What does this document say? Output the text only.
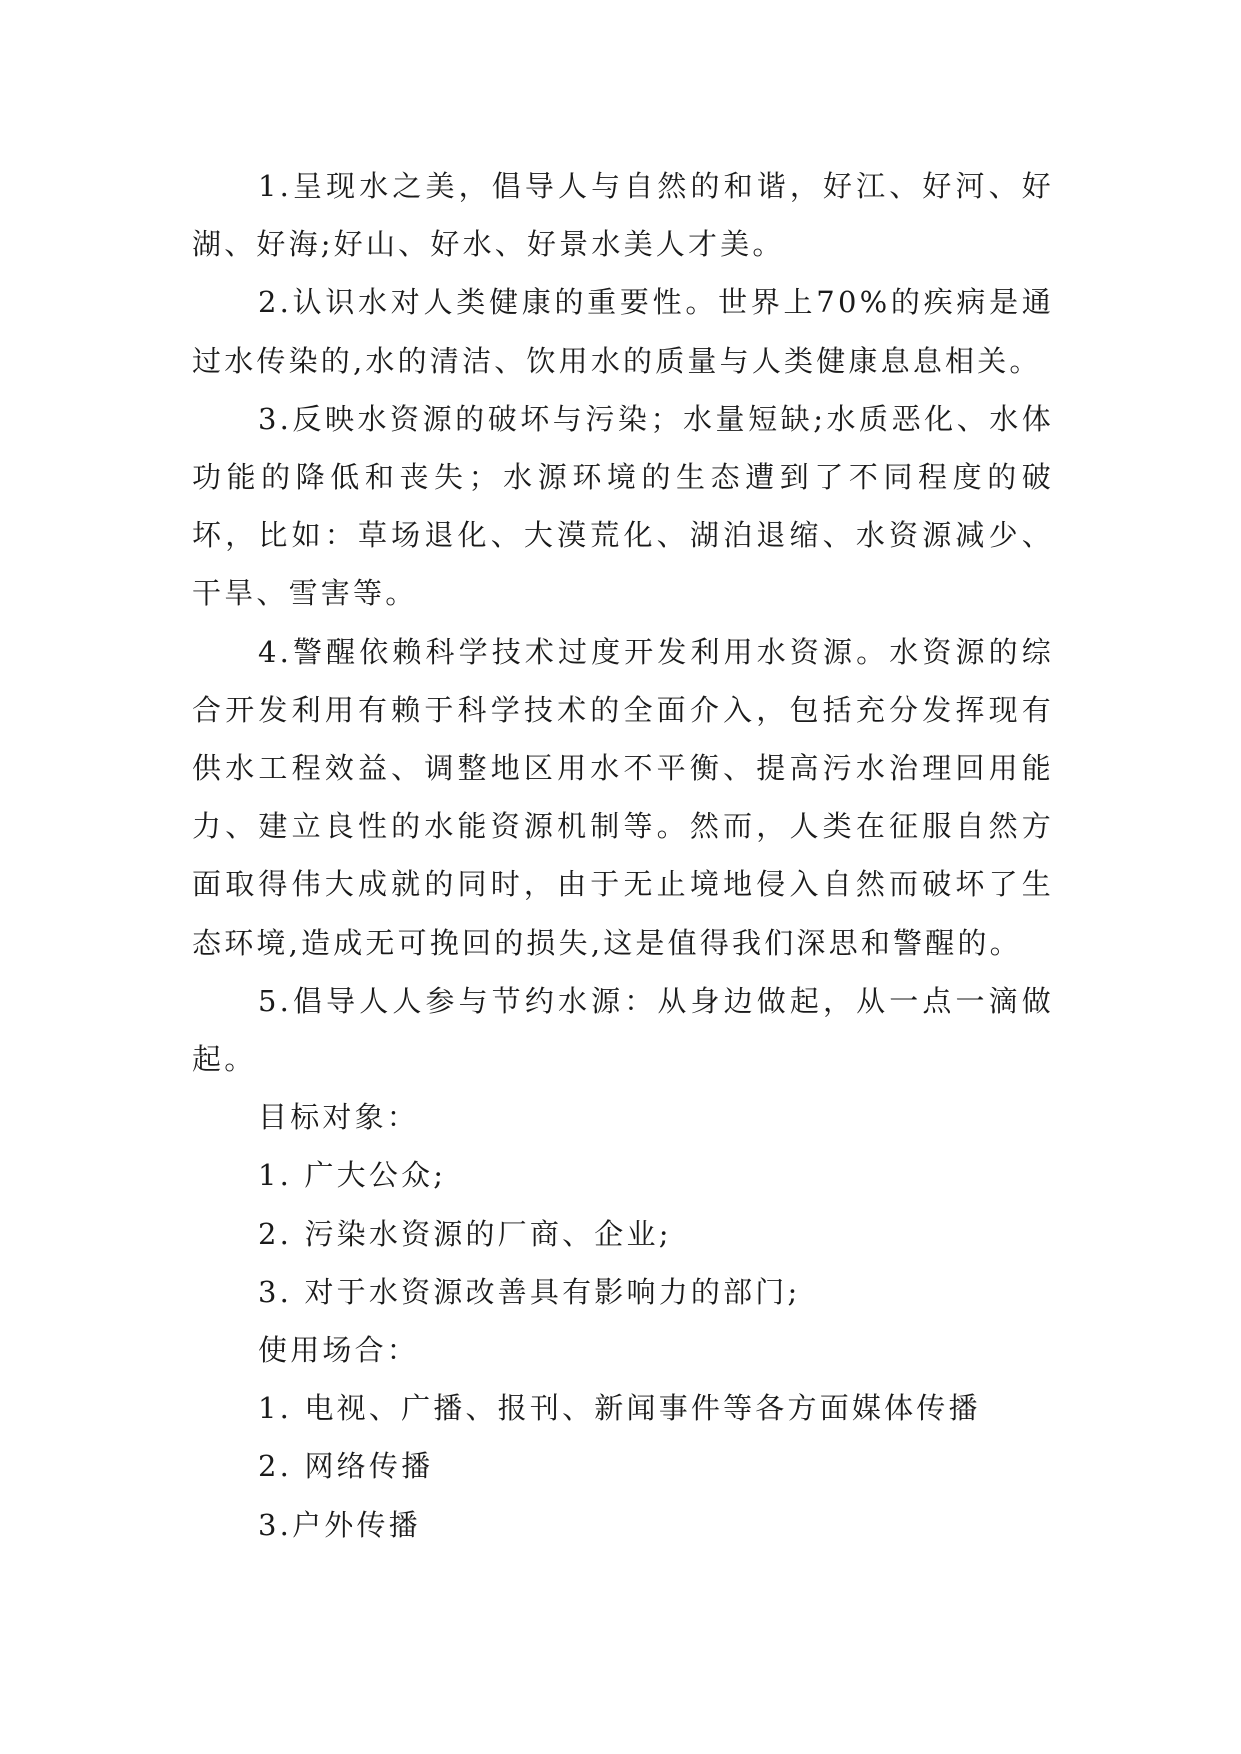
1.呈现水之美，倡导人与自然的和谐，好江、好河、好湖、好海;好山、好水、好景水美人才美。

2.认识水对人类健康的重要性。世界上70%的疾病是通过水传染的,水的清洁、饮用水的质量与人类健康息息相关。

3.反映水资源的破坏与污染；水量短缺;水质恶化、水体功能的降低和丧失；水源环境的生态遭到了不同程度的破坏，比如：草场退化、大漠荒化、湖泊退缩、水资源减少、干旱、雪害等。

4.警醒依赖科学技术过度开发利用水资源。水资源的综合开发利用有赖于科学技术的全面介入，包括充分发挥现有供水工程效益、调整地区用水不平衡、提高污水治理回用能力、建立良性的水能资源机制等。然而，人类在征服自然方面取得伟大成就的同时，由于无止境地侵入自然而破坏了生态环境,造成无可挽回的损失,这是值得我们深思和警醒的。

5.倡导人人参与节约水源：从身边做起，从一点一滴做起。

目标对象：

1. 广大公众;

2. 污染水资源的厂商、企业;

3. 对于水资源改善具有影响力的部门;

使用场合：

1. 电视、广播、报刊、新闻事件等各方面媒体传播

2. 网络传播

3.户外传播
